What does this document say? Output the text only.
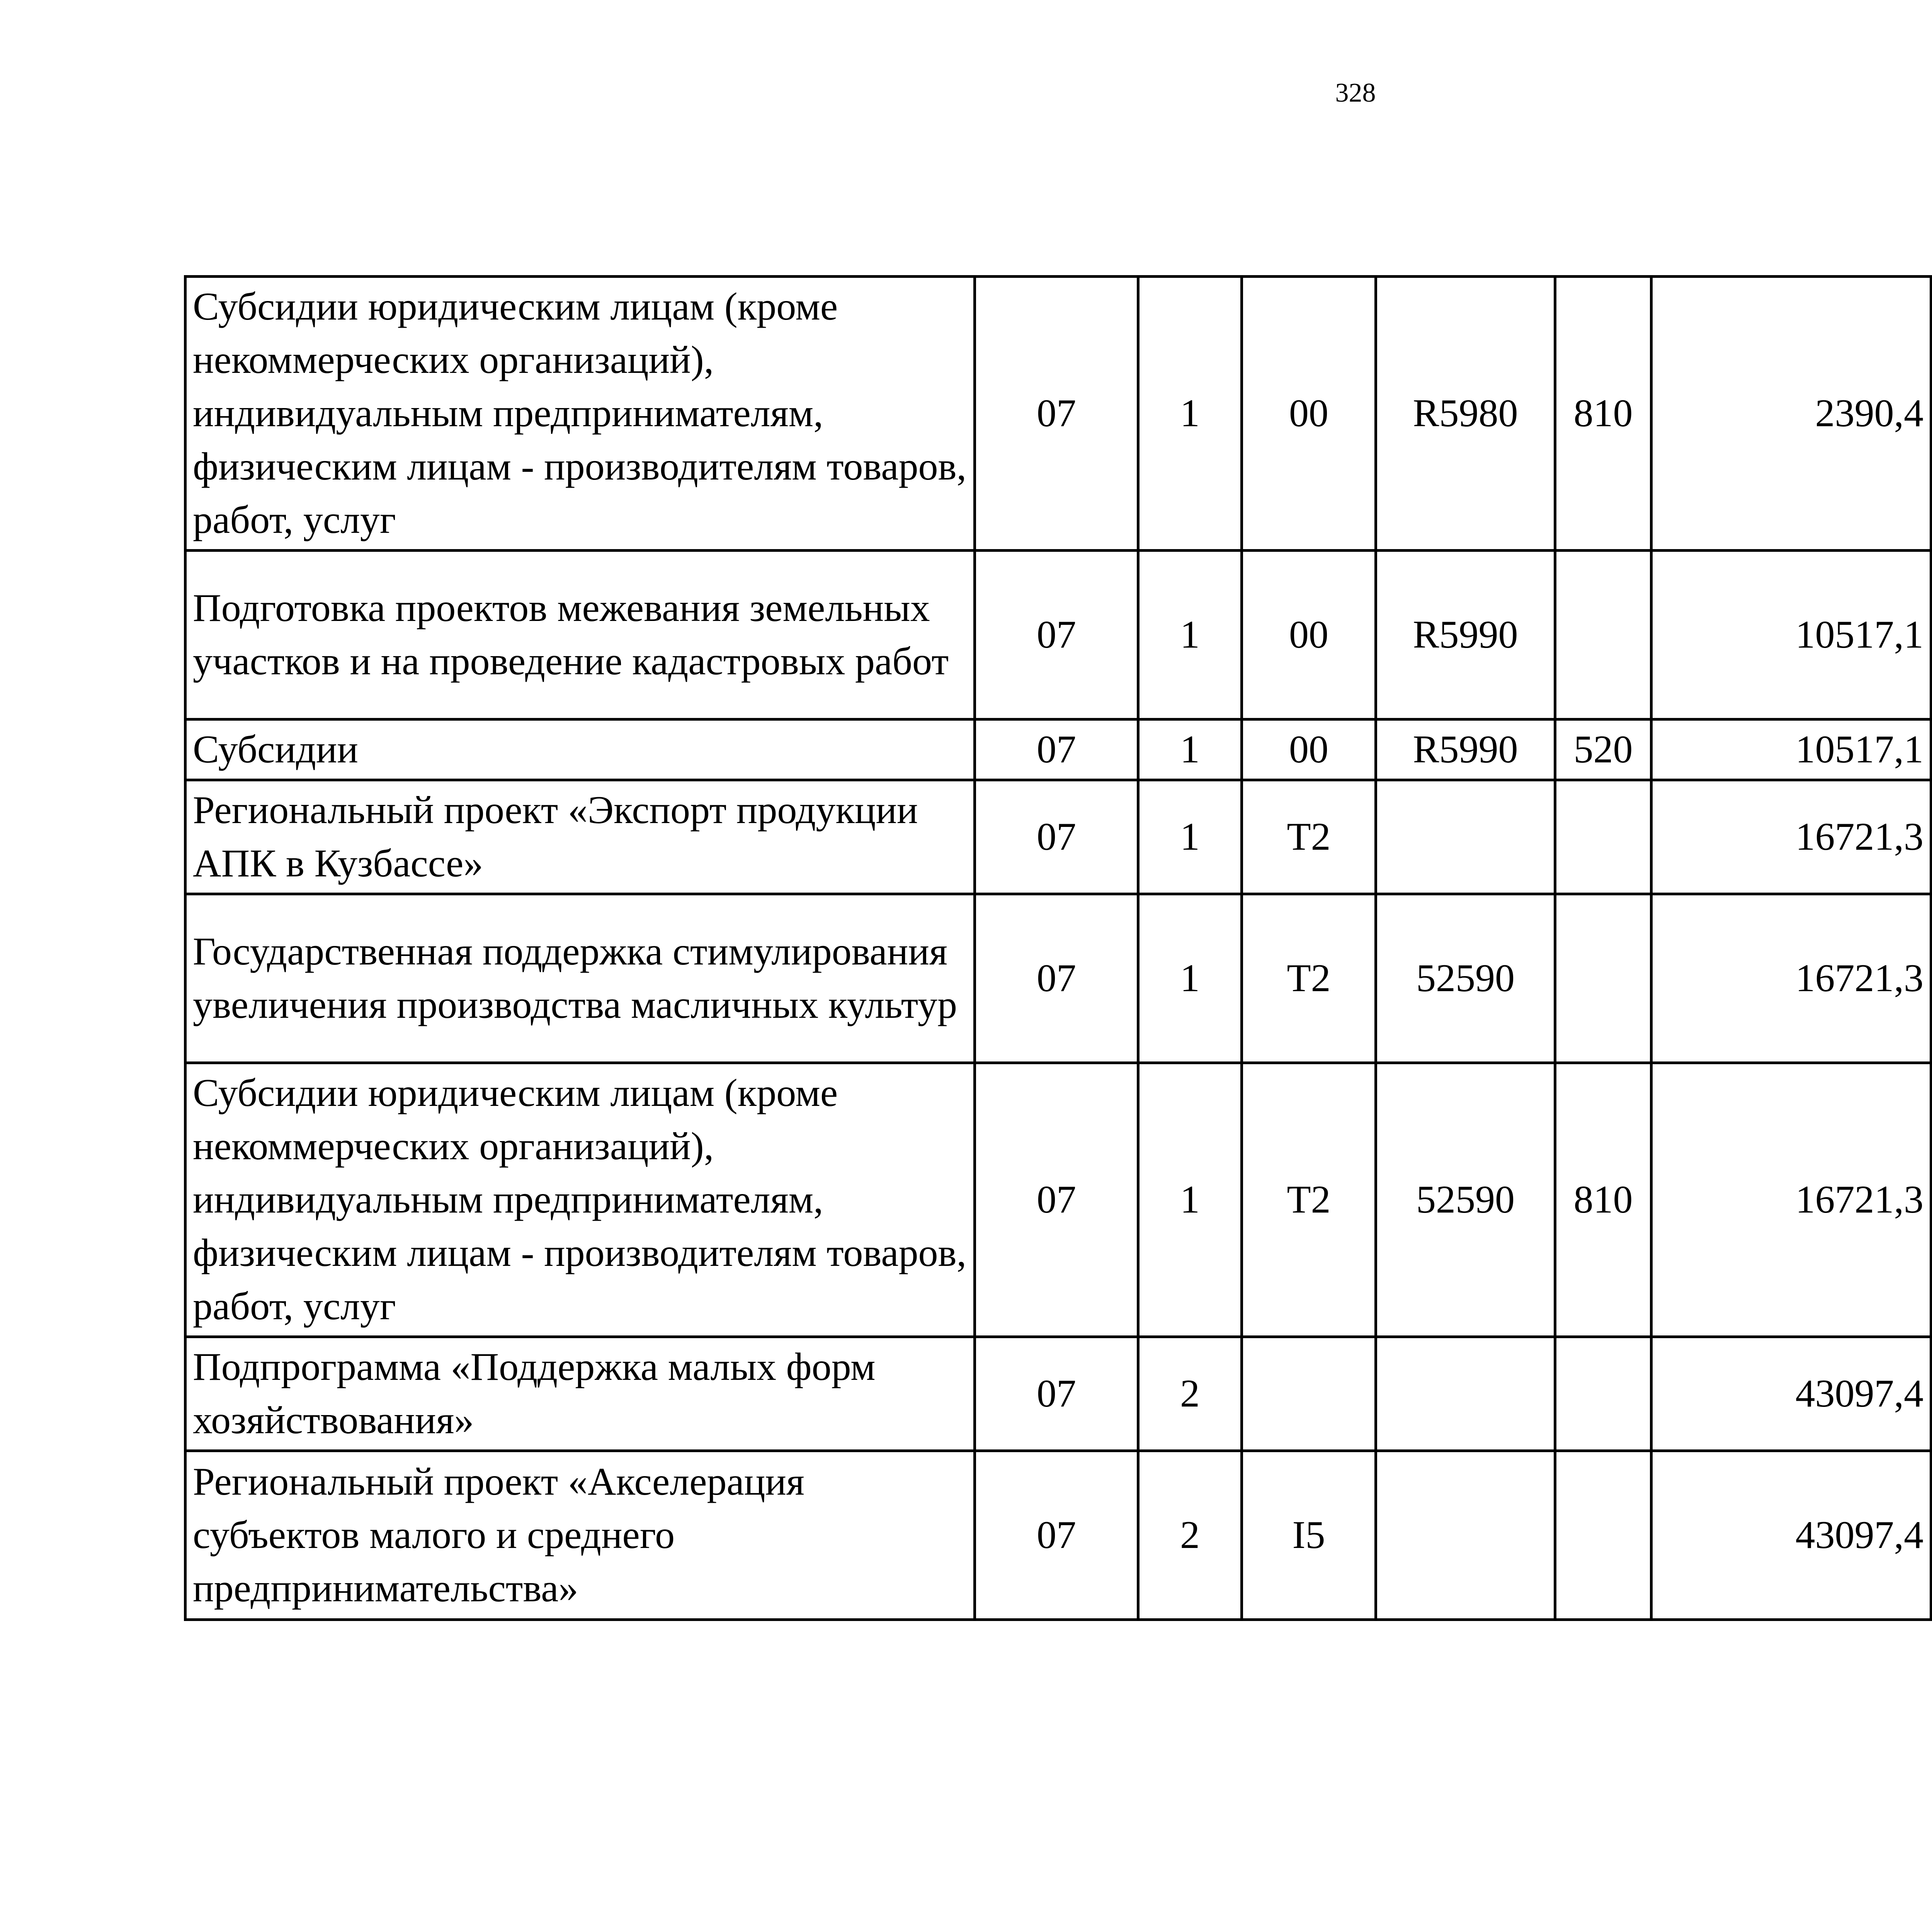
328
Субсидии юридическим лицам (кроме некоммерческих организаций), индивидуальным предпринимателям, физическим лицам - производителям товаров, работ, услуг	07	1	00	R5980	810	2390,4		
Подготовка проектов межевания земельных участков и на проведение кадастровых работ	07	1	00	R5990		10517,1		
Субсидии	07	1	00	R5990	520	10517,1		
Региональный проект «Экспорт продукции АПК в Кузбассе»	07	1	T2			16721,3		
Государственная поддержка стимулирования увеличения производства масличных культур	07	1	T2	52590		16721,3		
Субсидии юридическим лицам (кроме некоммерческих организаций), индивидуальным предпринимателям, физическим лицам - производителям товаров, работ, услуг	07	1	T2	52590	810	16721,3		
Подпрограмма «Поддержка малых форм хозяйствования»	07	2				43097,4		
Региональный проект «Акселерация субъектов малого и среднего предпринимательства»	07	2	I5			43097,4		
